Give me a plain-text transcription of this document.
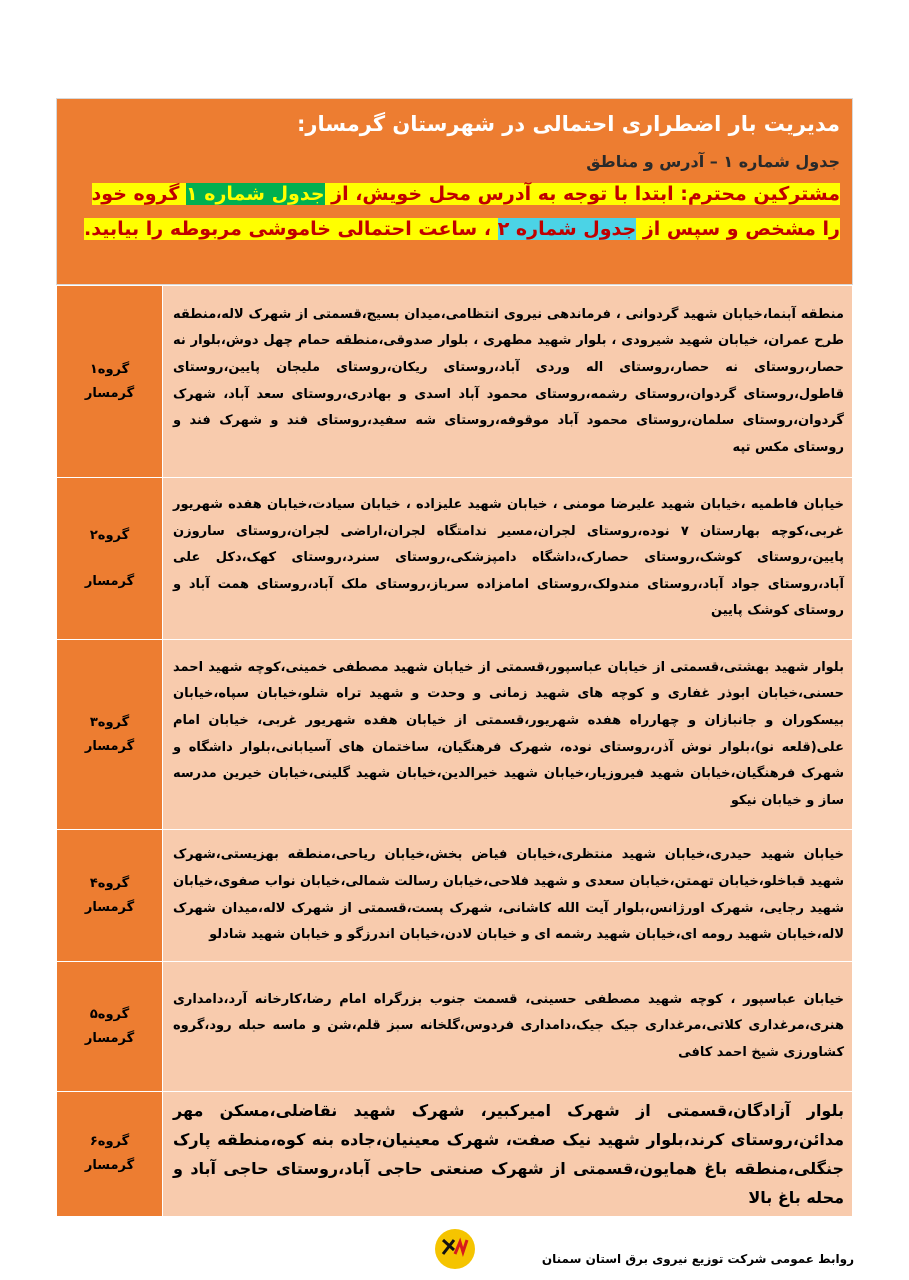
مدیریت بار اضطراری احتمالی در شهرستان گرمسار:
جدول شماره ۱ – آدرس و مناطق
مشترکین محترم: ابتدا با توجه به آدرس محل خویش، از جدول شماره ۱ گروه خود را مشخص و سپس از جدول شماره ۲ ، ساعت احتمالی خاموشی مربوطه را بیابید.
منطقه آبنما،خیابان شهید گردوانی ، فرماندهی نیروی انتظامی،میدان بسیج،قسمتی از شهرک لاله،منطقه طرح عمران، خیابان شهید شیرودی ، بلوار شهید مطهری ، بلوار صدوقی،منطقه حمام چهل دوش،بلوار نه حصار،روستای نه حصار،روستای اله وردی آباد،روستای ریکان،روستای ملیجان پایین،روستای قاطول،روستای گردوان،روستای رشمه،روستای محمود آباد اسدی و بهادری،روستای سعد آباد، شهرک گردوان،روستای سلمان،روستای محمود آباد موقوفه،روستای شه سفید،روستای فند و شهرک فند و روستای مکس تپه	گروه۱
گرمسار

خیابان فاطمیه ،خیابان شهید علیرضا مومنی ، خیابان شهید علیزاده ، خیابان سیادت،خیابان هفده شهریور غربی،کوچه بهارستان ۷ نوده،روستای لجران،مسیر ندامتگاه لجران،اراضی لجران،روستای ساروزن پایین،روستای کوشک،روستای حصارک،داشگاه دامپزشکی،روستای سنرد،روستای کهک،دکل علی آباد،روستای جواد آباد،روستای مندولک،روستای امامزاده سرباز،روستای ملک آباد،روستای همت آباد و روستای کوشک پایین	گروه۲
گرمسار

بلوار شهید بهشتی،قسمتی از خیابان عباسپور،قسمتی از خیابان شهید مصطفی خمینی،کوچه شهید احمد حسنی،خیابان ابوذر غفاری و کوچه های شهید زمانی و وحدت و شهید تراه شلو،خیابان سپاه،خیابان بیسکوران و جانبازان و چهارراه هفده شهریور،قسمتی از خیابان هفده شهریور غربی، خیابان امام علی(قلعه نو)،بلوار نوش آذر،روستای نوده، شهرک فرهنگیان، ساختمان های آسیابانی،بلوار داشگاه و شهرک فرهنگیان،خیابان شهید فیروزیار،خیابان شهید خیرالدین،خیابان شهید گلینی،خیابان خیرین مدرسه ساز و خیابان نیکو	گروه۳
گرمسار

خیابان شهید حیدری،خیابان شهید منتظری،خیابان فیاض بخش،خیابان ریاحی،منطقه بهزیستی،شهرک شهید قباخلو،خیابان تهمتن،خیابان سعدی و شهید فلاحی،خیابان رسالت شمالی،خیابان نواب صفوی،خیابان شهید رجایی، شهرک اورژانس،بلوار آیت الله کاشانی، شهرک پست،قسمتی از شهرک لاله،میدان شهرک لاله،خیابان شهید رومه ای،خیابان شهید رشمه ای و خیابان لادن،خیابان اندرزگو و خیابان شهید شادلو	گروه۴
گرمسار

خیابان عباسپور ، کوچه شهید مصطفی حسینی، قسمت جنوب بزرگراه امام رضا،کارخانه آرد،دامداری هنری،مرغداری کلاتی،مرغداری جیک جیک،دامداری فردوس،گلخانه سبز قلم،شن و ماسه حبله رود،گروه کشاورزی شیخ احمد کافی	گروه۵
گرمسار

بلوار آزادگان،قسمتی از شهرک امیرکبیر، شهرک شهید نقاضلی،مسکن مهر مدائن،روستای کرند،بلوار شهید نیک صفت، شهرک معینیان،جاده بنه کوه،منطقه پارک جنگلی،منطقه باغ همایون،قسمتی از شهرک صنعتی حاجی آباد،روستای حاجی آباد و محله باغ بالا	گروه۶
گرمسار
روابط عمومی شرکت توزیع نیروی برق استان سمنان
